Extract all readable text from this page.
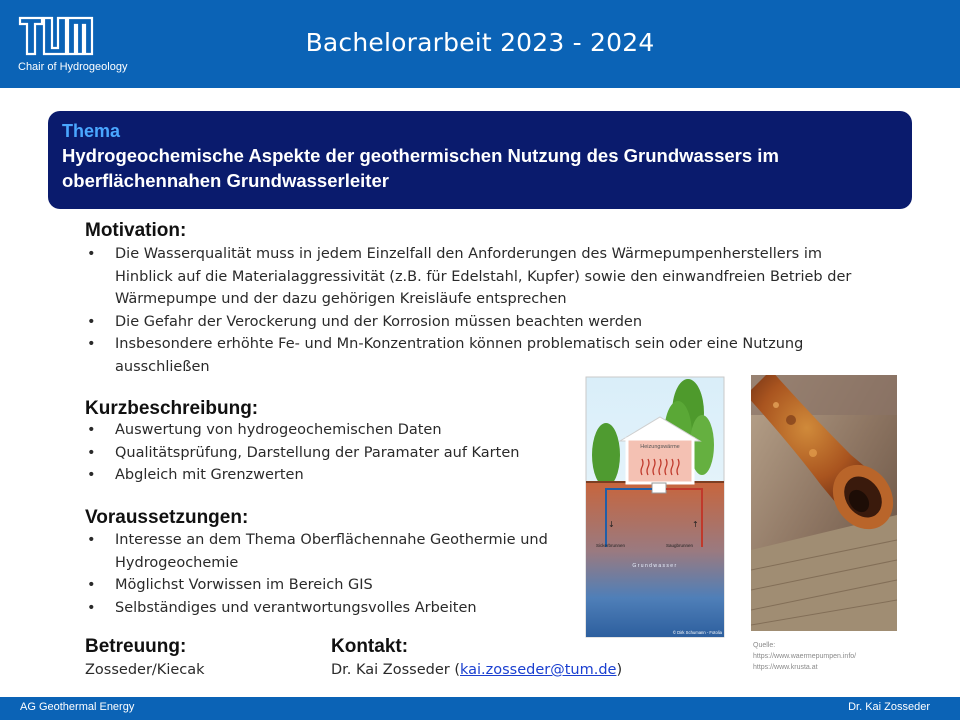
Chair of Hydrogeology
Bachelorarbeit 2023 - 2024
Thema
Hydrogeochemische Aspekte der geothermischen Nutzung des Grundwassers im oberflächennahen Grundwasserleiter
Motivation:
• Die Wasserqualität muss in jedem Einzelfall den Anforderungen des Wärmepumpenherstellers im Hinblick auf die Materialaggressivität (z.B. für Edelstahl, Kupfer) sowie den einwandfreien Betrieb der Wärmepumpe und der dazu gehörigen Kreisläufe entsprechen
• Die Gefahr der Verockerung und der Korrosion müssen beachten werden
• Insbesondere erhöhte Fe- und Mn-Konzentration können problematisch sein oder eine Nutzung ausschließen
Kurzbeschreibung:
• Auswertung von hydrogeochemischen Daten
• Qualitätsprüfung, Darstellung der Paramater auf Karten
• Abgleich mit Grenzwerten
Voraussetzungen:
• Interesse an dem Thema Oberflächennahe Geothermie und Hydrogeochemie
• Möglichst Vorwissen im Bereich GIS
• Selbständiges und verantwortungsvolles Arbeiten
Betreuung:
Zosseder/Kiecak
Kontakt:
Dr. Kai Zosseder (kai.zosseder@tum.de)
Heizungswärme
↓	↑
Sickerbrunnen	Saugbrunnen
Grundwasser
© Dirk Schumann - Fotolia
Quelle:
https://www.waermepumpen.info/
https://www.krusta.at
AG Geothermal Energy	Dr. Kai Zosseder
